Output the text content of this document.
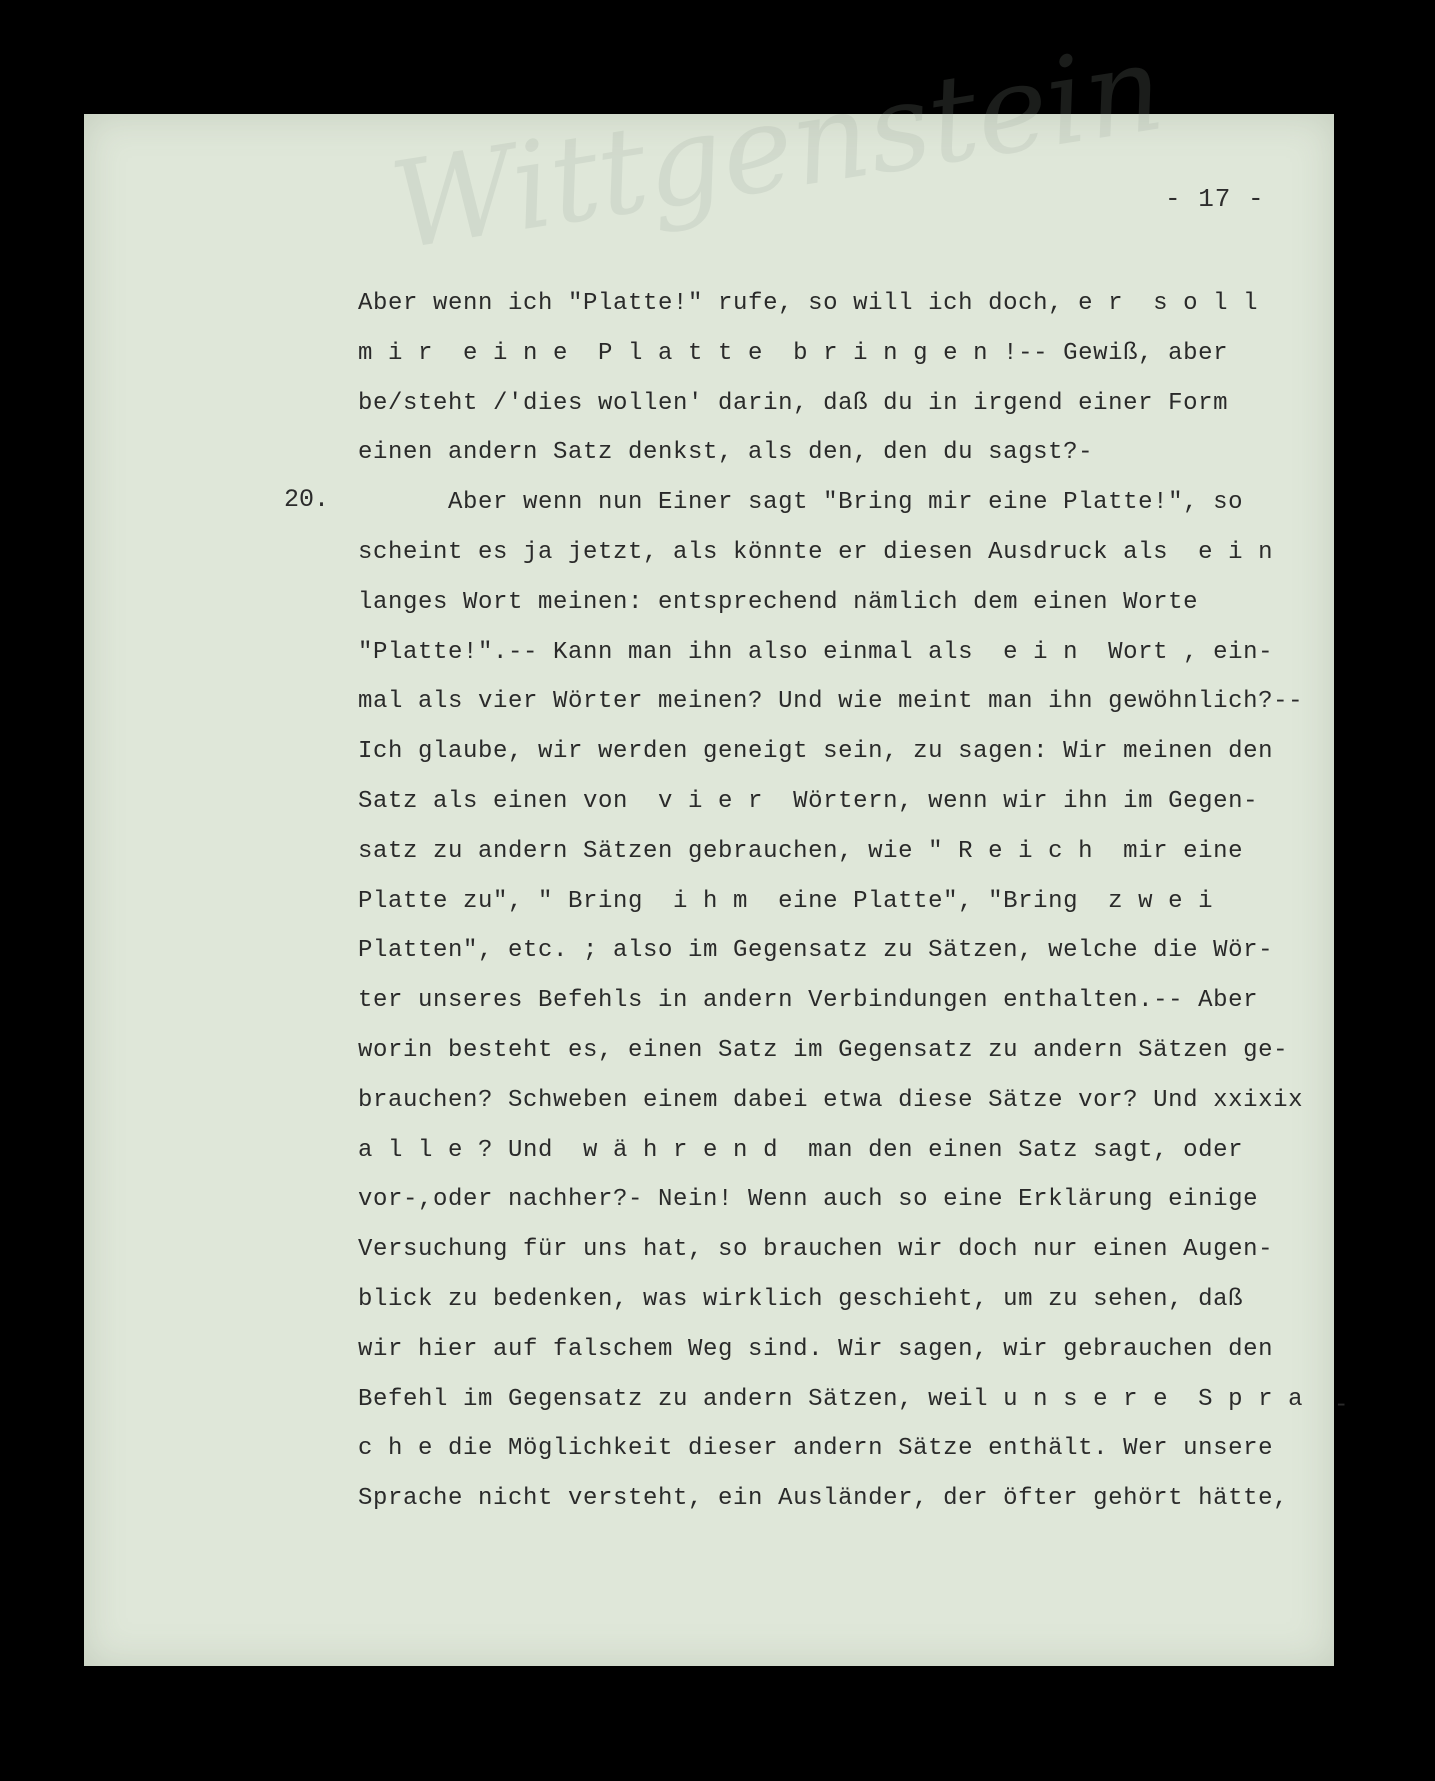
Wittgenstein
- 17 -
20.
Aber wenn ich "Platte!" rufe, so will ich doch, e r  s o l l
m i r  e i n e  P l a t t e  b r i n g e n !-- Gewiß, aber
be/steht /'dies wollen' darin, daß du in irgend einer Form
einen andern Satz denkst, als den, den du sagst?-
Aber wenn nun Einer sagt "Bring mir eine Platte!", so
scheint es ja jetzt, als könnte er diesen Ausdruck als  e i n
langes Wort meinen: entsprechend nämlich dem einen Worte
"Platte!".-- Kann man ihn also einmal als  e i n  Wort , ein-
mal als vier Wörter meinen? Und wie meint man ihn gewöhnlich?--
Ich glaube, wir werden geneigt sein, zu sagen: Wir meinen den
Satz als einen von  v i e r  Wörtern, wenn wir ihn im Gegen-
satz zu andern Sätzen gebrauchen, wie " R e i c h  mir eine
Platte zu", " Bring  i h m  eine Platte", "Bring  z w e i
Platten", etc. ; also im Gegensatz zu Sätzen, welche die Wör-
ter unseres Befehls in andern Verbindungen enthalten.-- Aber
worin besteht es, einen Satz im Gegensatz zu andern Sätzen ge-
brauchen? Schweben einem dabei etwa diese Sätze vor? Und xxixix
a l l e ? Und  w ä h r e n d  man den einen Satz sagt, oder
vor-,oder nachher?- Nein! Wenn auch so eine Erklärung einige
Versuchung für uns hat, so brauchen wir doch nur einen Augen-
blick zu bedenken, was wirklich geschieht, um zu sehen, daß
wir hier auf falschem Weg sind. Wir sagen, wir gebrauchen den
Befehl im Gegensatz zu andern Sätzen, weil u n s e r e  S p r a
c h e die Möglichkeit dieser andern Sätze enthält. Wer unsere
Sprache nicht versteht, ein Ausländer, der öfter gehört hätte,
-
